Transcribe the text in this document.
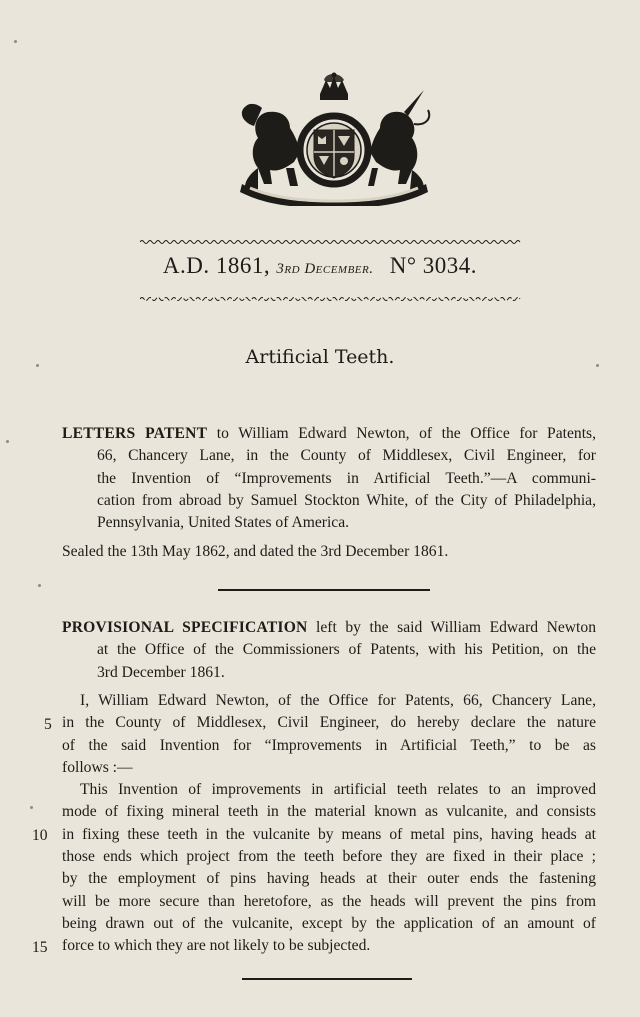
A.D. 1861, 3rd December. N° 3034.
Artificial Teeth.
LETTERS PATENT to William Edward Newton, of the Office for Patents,
66, Chancery Lane, in the County of Middlesex, Civil Engineer, for
the Invention of “Improvements in Artificial Teeth.”—A communi-
cation from abroad by Samuel Stockton White, of the City of Philadelphia,
Pennsylvania, United States of America.
Sealed the 13th May 1862, and dated the 3rd December 1861.
PROVISIONAL SPECIFICATION left by the said William Edward Newton
at the Office of the Commissioners of Patents, with his Petition, on the
3rd December 1861.
I, William Edward Newton, of the Office for Patents, 66, Chancery Lane,
in the County of Middlesex, Civil Engineer, do hereby declare the nature
of the said Invention for “Improvements in Artificial Teeth,” to be as
follows :—
This Invention of improvements in artificial teeth relates to an improved
mode of fixing mineral teeth in the material known as vulcanite, and consists
in fixing these teeth in the vulcanite by means of metal pins, having heads at
those ends which project from the teeth before they are fixed in their place ;
by the employment of pins having heads at their outer ends the fastening
will be more secure than heretofore, as the heads will prevent the pins from
being drawn out of the vulcanite, except by the application of an amount of
force to which they are not likely to be subjected.
5
10
15
